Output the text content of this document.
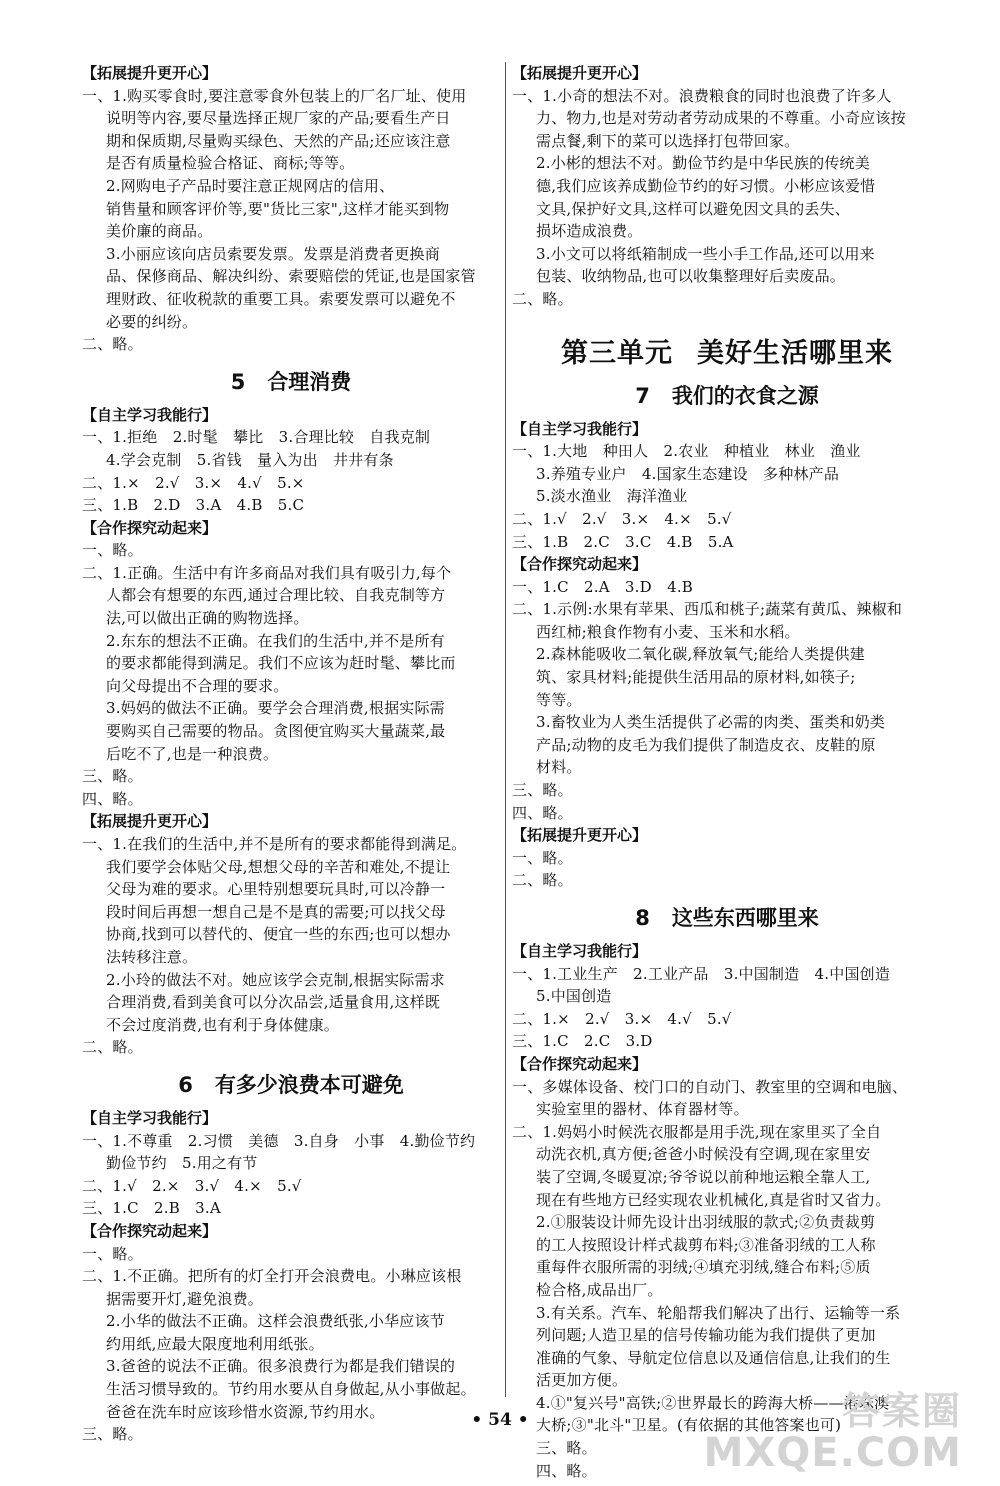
【拓展提升更开心】
一、1.购买零食时,要注意零食外包装上的厂名厂址、使用
说明等内容,要尽量选择正规厂家的产品;要看生产日
期和保质期,尽量购买绿色、天然的产品;还应该注意
是否有质量检验合格证、商标;等等。
2.网购电子产品时要注意正规网店的信用、
销售量和顾客评价等,要"货比三家",这样才能买到物
美价廉的商品。
3.小丽应该向店员索要发票。发票是消费者更换商
品、保修商品、解决纠纷、索要赔偿的凭证,也是国家管
理财政、征收税款的重要工具。索要发票可以避免不
必要的纠纷。
二、略。
5 合理消费
【自主学习我能行】
一、1.拒绝　2.时髦　攀比　3.合理比较　自我克制
4.学会克制　5.省钱　量入为出　井井有条
二、1.×　2.√　3.×　4.√　5.×
三、1.B　2.D　3.A　4.B　5.C
【合作探究动起来】
一、略。
二、1.正确。生活中有许多商品对我们具有吸引力,每个
人都会有想要的东西,通过合理比较、自我克制等方
法,可以做出正确的购物选择。
2.东东的想法不正确。在我们的生活中,并不是所有
的要求都能得到满足。我们不应该为赶时髦、攀比而
向父母提出不合理的要求。
3.妈妈的做法不正确。要学会合理消费,根据实际需
要购买自己需要的物品。贪图便宜购买大量蔬菜,最
后吃不了,也是一种浪费。
三、略。
四、略。
【拓展提升更开心】
一、1.在我们的生活中,并不是所有的要求都能得到满足。
我们要学会体贴父母,想想父母的辛苦和难处,不提让
父母为难的要求。心里特别想要玩具时,可以冷静一
段时间后再想一想自己是不是真的需要;可以找父母
协商,找到可以替代的、便宜一些的东西;也可以想办
法转移注意。
2.小玲的做法不对。她应该学会克制,根据实际需求
合理消费,看到美食可以分次品尝,适量食用,这样既
不会过度消费,也有利于身体健康。
二、略。
6 有多少浪费本可避免
【自主学习我能行】
一、1.不尊重　2.习惯　美德　3.自身　小事　4.勤俭节约
勤俭节约　5.用之有节
二、1.√　2.×　3.√　4.×　5.√
三、1.C　2.B　3.A
【合作探究动起来】
一、略。
二、1.不正确。把所有的灯全打开会浪费电。小琳应该根
据需要开灯,避免浪费。
2.小华的做法不正确。这样会浪费纸张,小华应该节
约用纸,应最大限度地利用纸张。
3.爸爸的说法不正确。很多浪费行为都是我们错误的
生活习惯导致的。节约用水要从自身做起,从小事做起。
爸爸在洗车时应该珍惜水资源,节约用水。
三、略。
【拓展提升更开心】
一、1.小奇的想法不对。浪费粮食的同时也浪费了许多人
力、物力,也是对劳动者劳动成果的不尊重。小奇应该按
需点餐,剩下的菜可以选择打包带回家。
2.小彬的想法不对。勤俭节约是中华民族的传统美
德,我们应该养成勤俭节约的好习惯。小彬应该爱惜
文具,保护好文具,这样可以避免因文具的丢失、
损坏造成浪费。
3.小文可以将纸箱制成一些小手工作品,还可以用来
包装、收纳物品,也可以收集整理好后卖废品。
二、略。
第三单元 美好生活哪里来
7 我们的衣食之源
【自主学习我能行】
一、1.大地　种田人　2.农业　种植业　林业　渔业
3.养殖专业户　4.国家生态建设　多种林产品
5.淡水渔业　海洋渔业
二、1.√　2.√　3.×　4.×　5.√
三、1.B　2.C　3.C　4.B　5.A
【合作探究动起来】
一、1.C　2.A　3.D　4.B
二、1.示例:水果有苹果、西瓜和桃子;蔬菜有黄瓜、辣椒和
西红柿;粮食作物有小麦、玉米和水稻。
2.森林能吸收二氧化碳,释放氧气;能给人类提供建
筑、家具材料;能提供生活用品的原材料,如筷子;
等等。
3.畜牧业为人类生活提供了必需的肉类、蛋类和奶类
产品;动物的皮毛为我们提供了制造皮衣、皮鞋的原
材料。
三、略。
四、略。
【拓展提升更开心】
一、略。
二、略。
8 这些东西哪里来
【自主学习我能行】
一、1.工业生产　2.工业产品　3.中国制造　4.中国创造
5.中国创造
二、1.×　2.√　3.×　4.√　5.√
三、1.C　2.C　3.D
【合作探究动起来】
一、多媒体设备、校门口的自动门、教室里的空调和电脑、
实验室里的器材、体育器材等。
二、1.妈妈小时候洗衣服都是用手洗,现在家里买了全自
动洗衣机,真方便;爸爸小时候没有空调,现在家里安
装了空调,冬暖夏凉;爷爷说以前种地运粮全靠人工,
现在有些地方已经实现农业机械化,真是省时又省力。
2.①服装设计师先设计出羽绒服的款式;②负责裁剪
的工人按照设计样式裁剪布料;③准备羽绒的工人称
重每件衣服所需的羽绒;④填充羽绒,缝合布料;⑤质
检合格,成品出厂。
3.有关系。汽车、轮船帮我们解决了出行、运输等一系
列问题;人造卫星的信号传输功能为我们提供了更加
准确的气象、导航定位信息以及通信信息,让我们的生
活更加方便。
4.①"复兴号"高铁;②世界最长的跨海大桥——港珠澳
大桥;③"北斗"卫星。(有依据的其他答案也可)
三、略。
四、略。
• 54 •	答案圈
MXQE.COM
